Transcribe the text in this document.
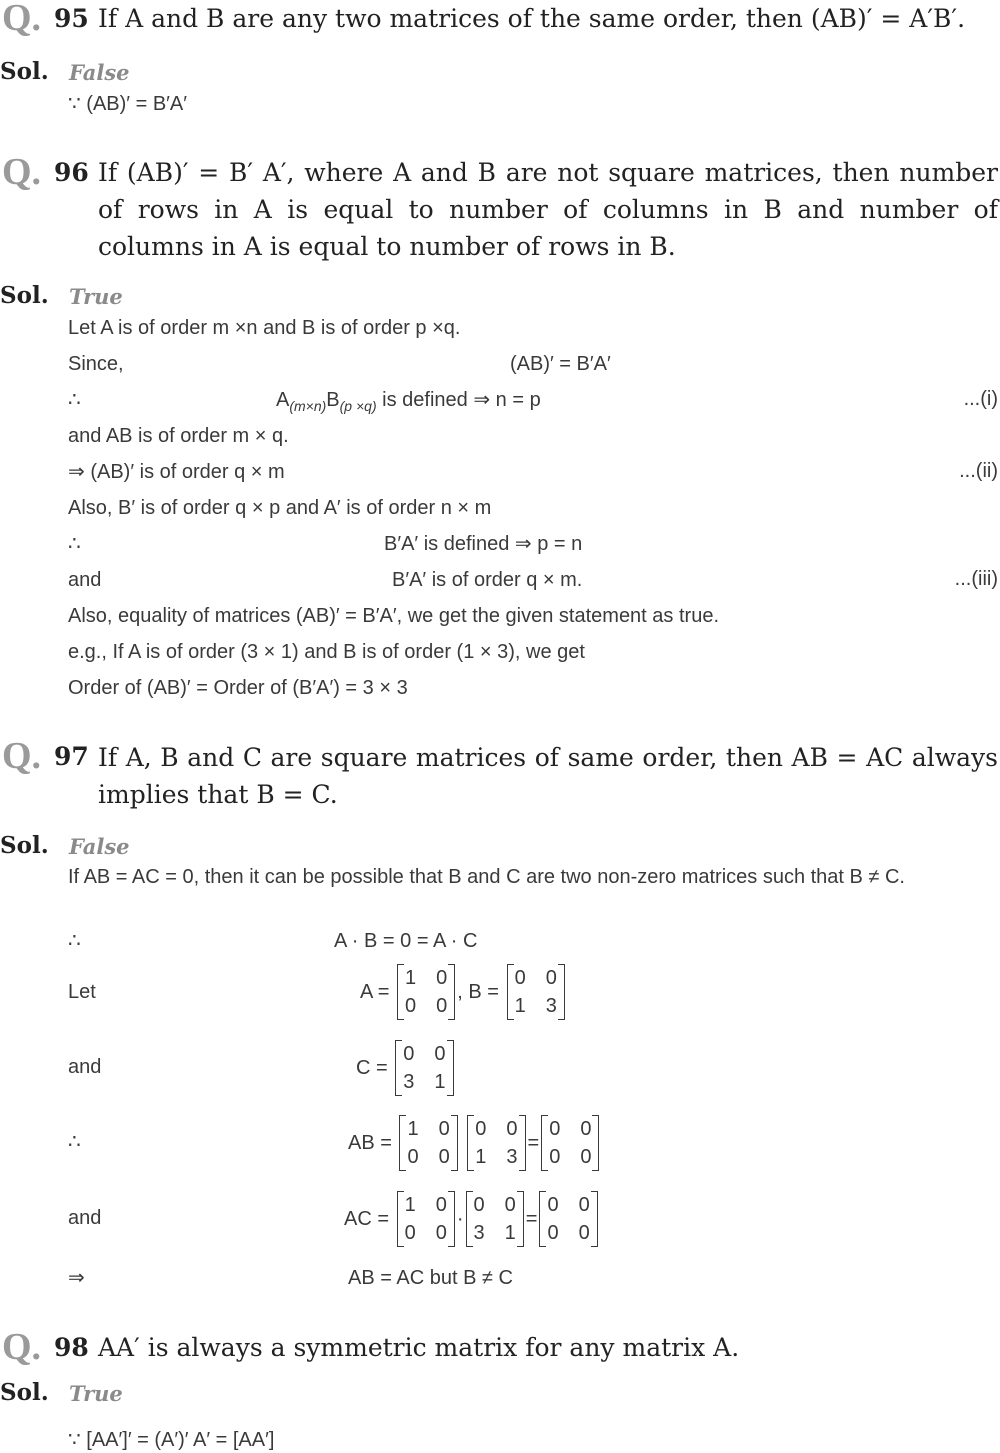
Q. 95 If A and B are any two matrices of the same order, then (AB)′ = A′B′.
Sol. False
∵ (AB)′ = B′A′
Q. 96 If (AB)′ = B′ A′, where A and B are not square matrices, then number of rows in A is equal to number of columns in B and number of columns in A is equal to number of rows in B.
Sol. True
Let A is of order m ×n and B is of order p ×q.
Since,	(AB)′ = B′A′
∴	$A_{(m\times n)}B_{(p \times q)}$ is defined ⇒ n = p	...(i)
and AB is of order m × q.
⇒ (AB)′ is of order q × m	...(ii)
Also, B′ is of order q × p and A′ is of order n × m
∴	B′A′ is defined ⇒ p = n
and	B′A′ is of order q × m.	...(iii)
Also, equality of matrices (AB)′ = B′A′, we get the given statement as true.
e.g., If A is of order (3 × 1) and B is of order (1 × 3), we get
Order of (AB)′ = Order of (B′A′) = 3 × 3
Q. 97 If A, B and C are square matrices of same order, then AB = AC always implies that B = C.
Sol. False
If AB = AC = 0, then it can be possible that B and C are two non-zero matrices such that B ≠ C.
∴	A · B = 0 = A · C
Let	A =

1 0
0 0
, B =

0 0
1 3
and	C =

0 0
3 1
∴	AB =

1 0
0 0

0 0
1 3
=
0 0
0 0
and	AC =

1 0
0 0
·
0 0
3 1
=
0 0
0 0
⇒	AB = AC but B ≠ C
Q. 98 AA′ is always a symmetric matrix for any matrix A.
Sol. True
∵ [AA′]′ = (A′)′ A′ = [AA′]
